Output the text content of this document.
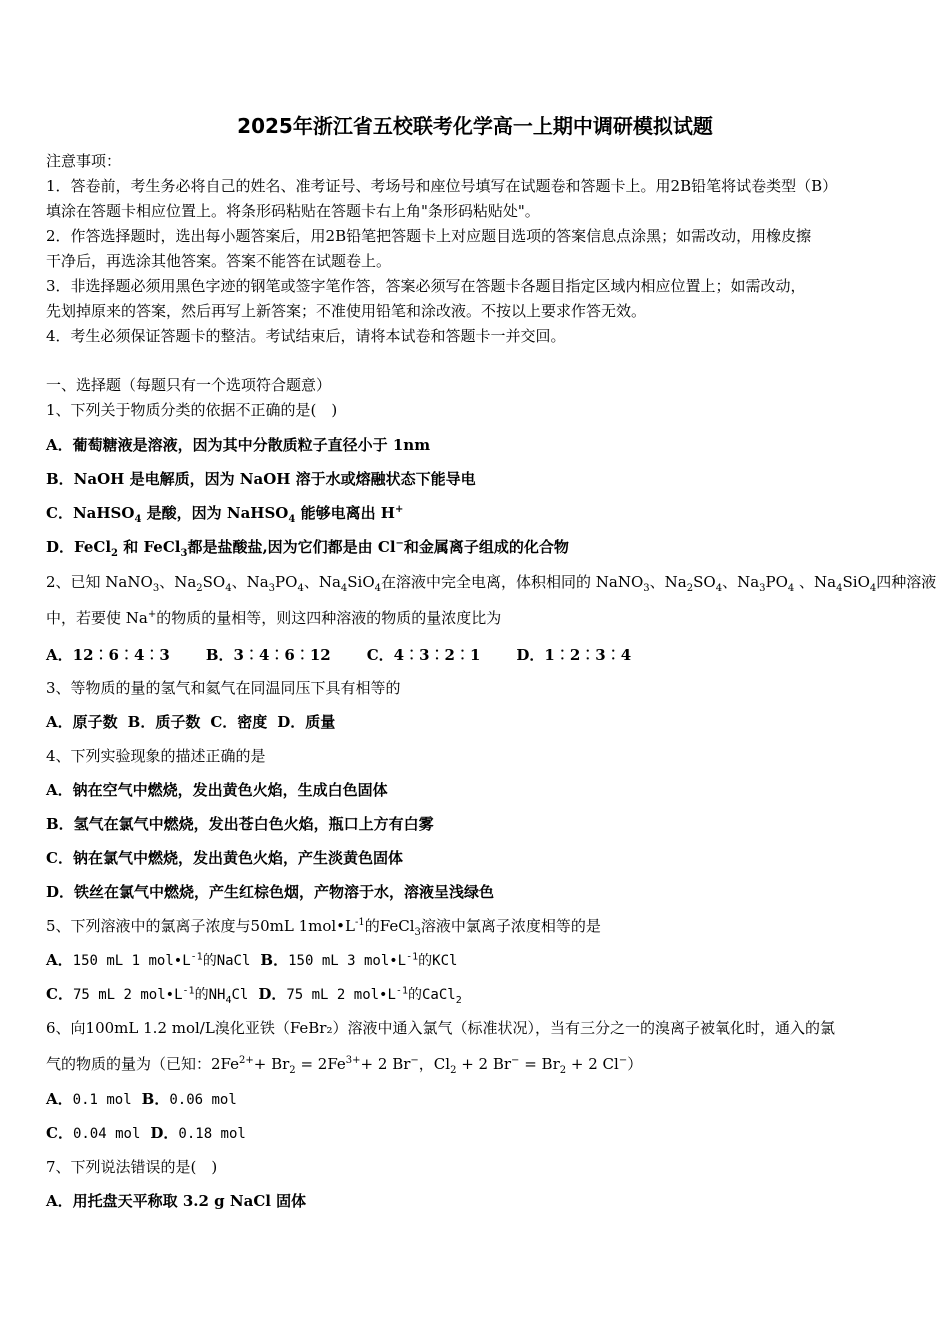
2025年浙江省五校联考化学高一上期中调研模拟试题
注意事项：
1．答卷前，考生务必将自己的姓名、准考证号、考场号和座位号填写在试题卷和答题卡上。用2B铅笔将试卷类型（B）
填涂在答题卡相应位置上。将条形码粘贴在答题卡右上角"条形码粘贴处"。
2．作答选择题时，选出每小题答案后，用2B铅笔把答题卡上对应题目选项的答案信息点涂黑；如需改动，用橡皮擦
干净后，再选涂其他答案。答案不能答在试题卷上。
3．非选择题必须用黑色字迹的钢笔或签字笔作答，答案必须写在答题卡各题目指定区域内相应位置上；如需改动，
先划掉原来的答案，然后再写上新答案；不准使用铅笔和涂改液。不按以上要求作答无效。
4．考生必须保证答题卡的整洁。考试结束后，请将本试卷和答题卡一并交回。
一、选择题（每题只有一个选项符合题意）
1、下列关于物质分类的依据不正确的是(　)
A．葡萄糖液是溶液，因为其中分散质粒子直径小于 1nm
B．NaOH 是电解质，因为 NaOH 溶于水或熔融状态下能导电
C．NaHSO$_4$ 是酸，因为 NaHSO$_4$ 能够电离出 H+
D．FeCl$_2$ 和 FeCl$_3$都是盐酸盐,因为它们都是由 Cl−和金属离子组成的化合物
2、已知 NaNO$_3$、$Na_2SO_4$、$Na_3PO_4$、$Na_4SiO_4$在溶液中完全电离，体积相同的 NaNO$_3$、$Na_2SO_4$、$Na_3PO_4$ 、$Na_4SiO_4$四种溶液
中，若要使 Na+的物质的量相等，则这四种溶液的物质的量浓度比为
A．12︰6︰4︰3 B．3︰4︰6︰12 C．4︰3︰2︰1 D．1︰2︰3︰4
3、等物质的量的氢气和氦气在同温同压下具有相等的
A．原子数 B．质子数 C．密度 D．质量
4、下列实验现象的描述正确的是
A．钠在空气中燃烧，发出黄色火焰，生成白色固体
B．氢气在氯气中燃烧，发出苍白色火焰，瓶口上方有白雾
C．钠在氯气中燃烧，发出黄色火焰，产生淡黄色固体
D．铁丝在氯气中燃烧，产生红棕色烟，产物溶于水，溶液呈浅绿色
5、下列溶液中的氯离子浓度与50mL $1mol•L^{-1}$的FeCl$_3$溶液中氯离子浓度相等的是
A．150 mL 1 $mol•L^{-1}$的NaCl B．150 mL 3 $mol•L^{-1}$的KCl
C．75 mL 2 $mol•L^{-1}$的$NH_4Cl$ D．75 mL 2 $mol•L^{-1}$的CaCl$_2$
6、向100mL 1.2 mol/L溴化亚铁（FeBr₂）溶液中通入氯气（标准状况），当有三分之一的溴离子被氧化时，通入的氯
气的物质的量为（已知：$2Fe^{2+}+ Br_2 = 2Fe^{3+}+ 2$ Br−，$Cl_2 + 2$ $Br^- = Br_2 + 2$ Cl−）
A．0.1 mol B．0.06 mol
C．0.04 mol D．0.18 mol
7、下列说法错误的是(　)
A．用托盘天平称取 3.2 g NaCl 固体
